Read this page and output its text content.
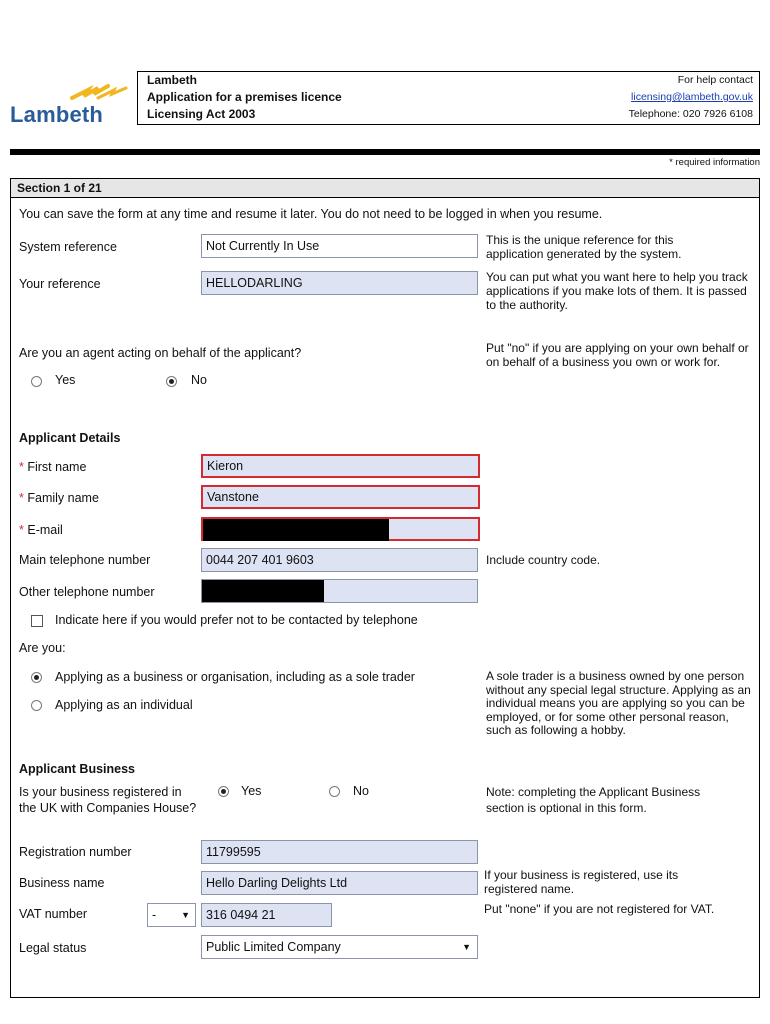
Lambeth
Lambeth
Application for a premises licence
Licensing Act 2003
For help contact
licensing@lambeth.gov.uk
Telephone: 020 7926 6108
* required information
Section 1 of 21
You can save the form at any time and resume it later. You do not need to be logged in when you resume.
System reference	Not Currently In Use	This is the unique reference for this application generated by the system.
Your reference	HELLODARLING	You can put what you want here to help you track applications if you make lots of them. It is passed to the authority.
Are you an agent acting on behalf of the applicant?
Yes	No
Put "no" if you are applying on your own behalf or on behalf of a business you own or work for.
Applicant Details
* First name	Kieron
* Family name	Vanstone
* E-mail
Main telephone number	0044 207 401 9603	Include country code.
Other telephone number
Indicate here if you would prefer not to be contacted by telephone
Are you:
Applying as a business or organisation, including as a sole trader
Applying as an individual
A sole trader is a business owned by one person without any special legal structure. Applying as an individual means you are applying so you can be employed, or for some other personal reason, such as following a hobby.
Applicant Business
Is your business registered in the UK with Companies House?
Yes	No	Note: completing the Applicant Business section is optional in this form.
Registration number	11799595
Business name	Hello Darling Delights Ltd
If your business is registered, use its registered name.
VAT number	-	▼	316 0494 21	Put "none" if you are not registered for VAT.
Legal status	Public Limited Company	▼
